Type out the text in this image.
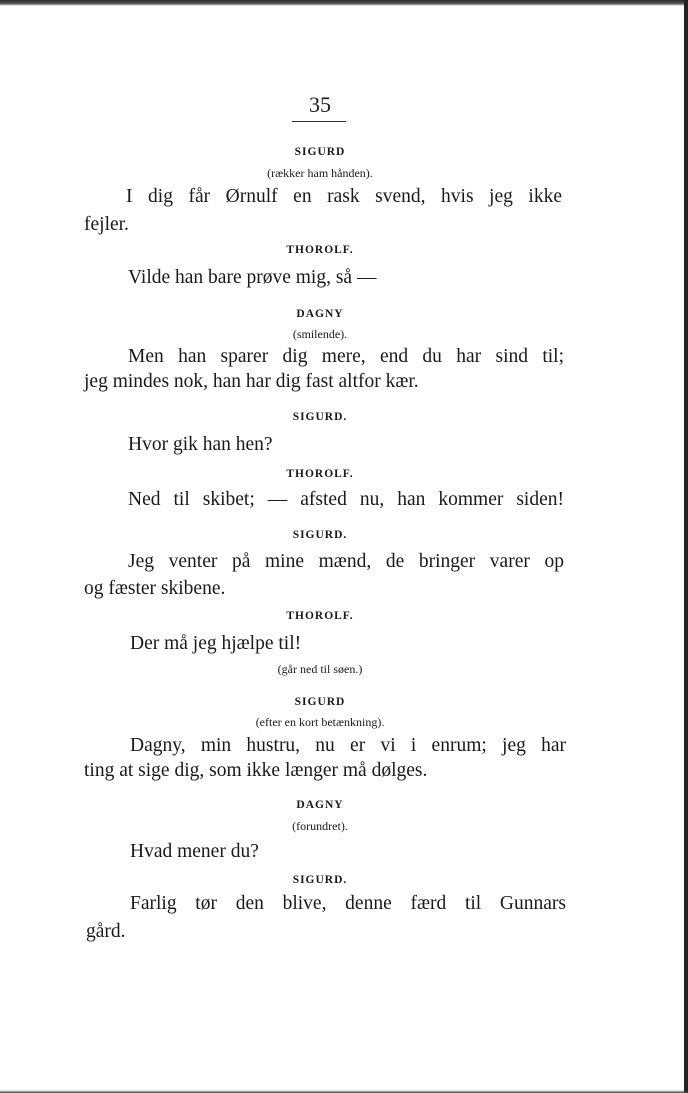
35
SIGURD
(rækker ham hånden).
I dig får Ørnulf en rask svend, hvis jeg ikke
fejler.
THOROLF.
Vilde han bare prøve mig, så —
DAGNY
(smilende).
Men han sparer dig mere, end du har sind til;
jeg mindes nok, han har dig fast altfor kær.
SIGURD.
Hvor gik han hen?
THOROLF.
Ned til skibet; — afsted nu, han kommer siden!
SIGURD.
Jeg venter på mine mænd, de bringer varer op
og fæster skibene.
THOROLF.
Der må jeg hjælpe til!
(går ned til søen.)
SIGURD
(efter en kort betænkning).
Dagny, min hustru, nu er vi i enrum; jeg har
ting at sige dig, som ikke længer må dølges.
DAGNY
(forundret).
Hvad mener du?
SIGURD.
Farlig tør den blive, denne færd til Gunnars
gård.
